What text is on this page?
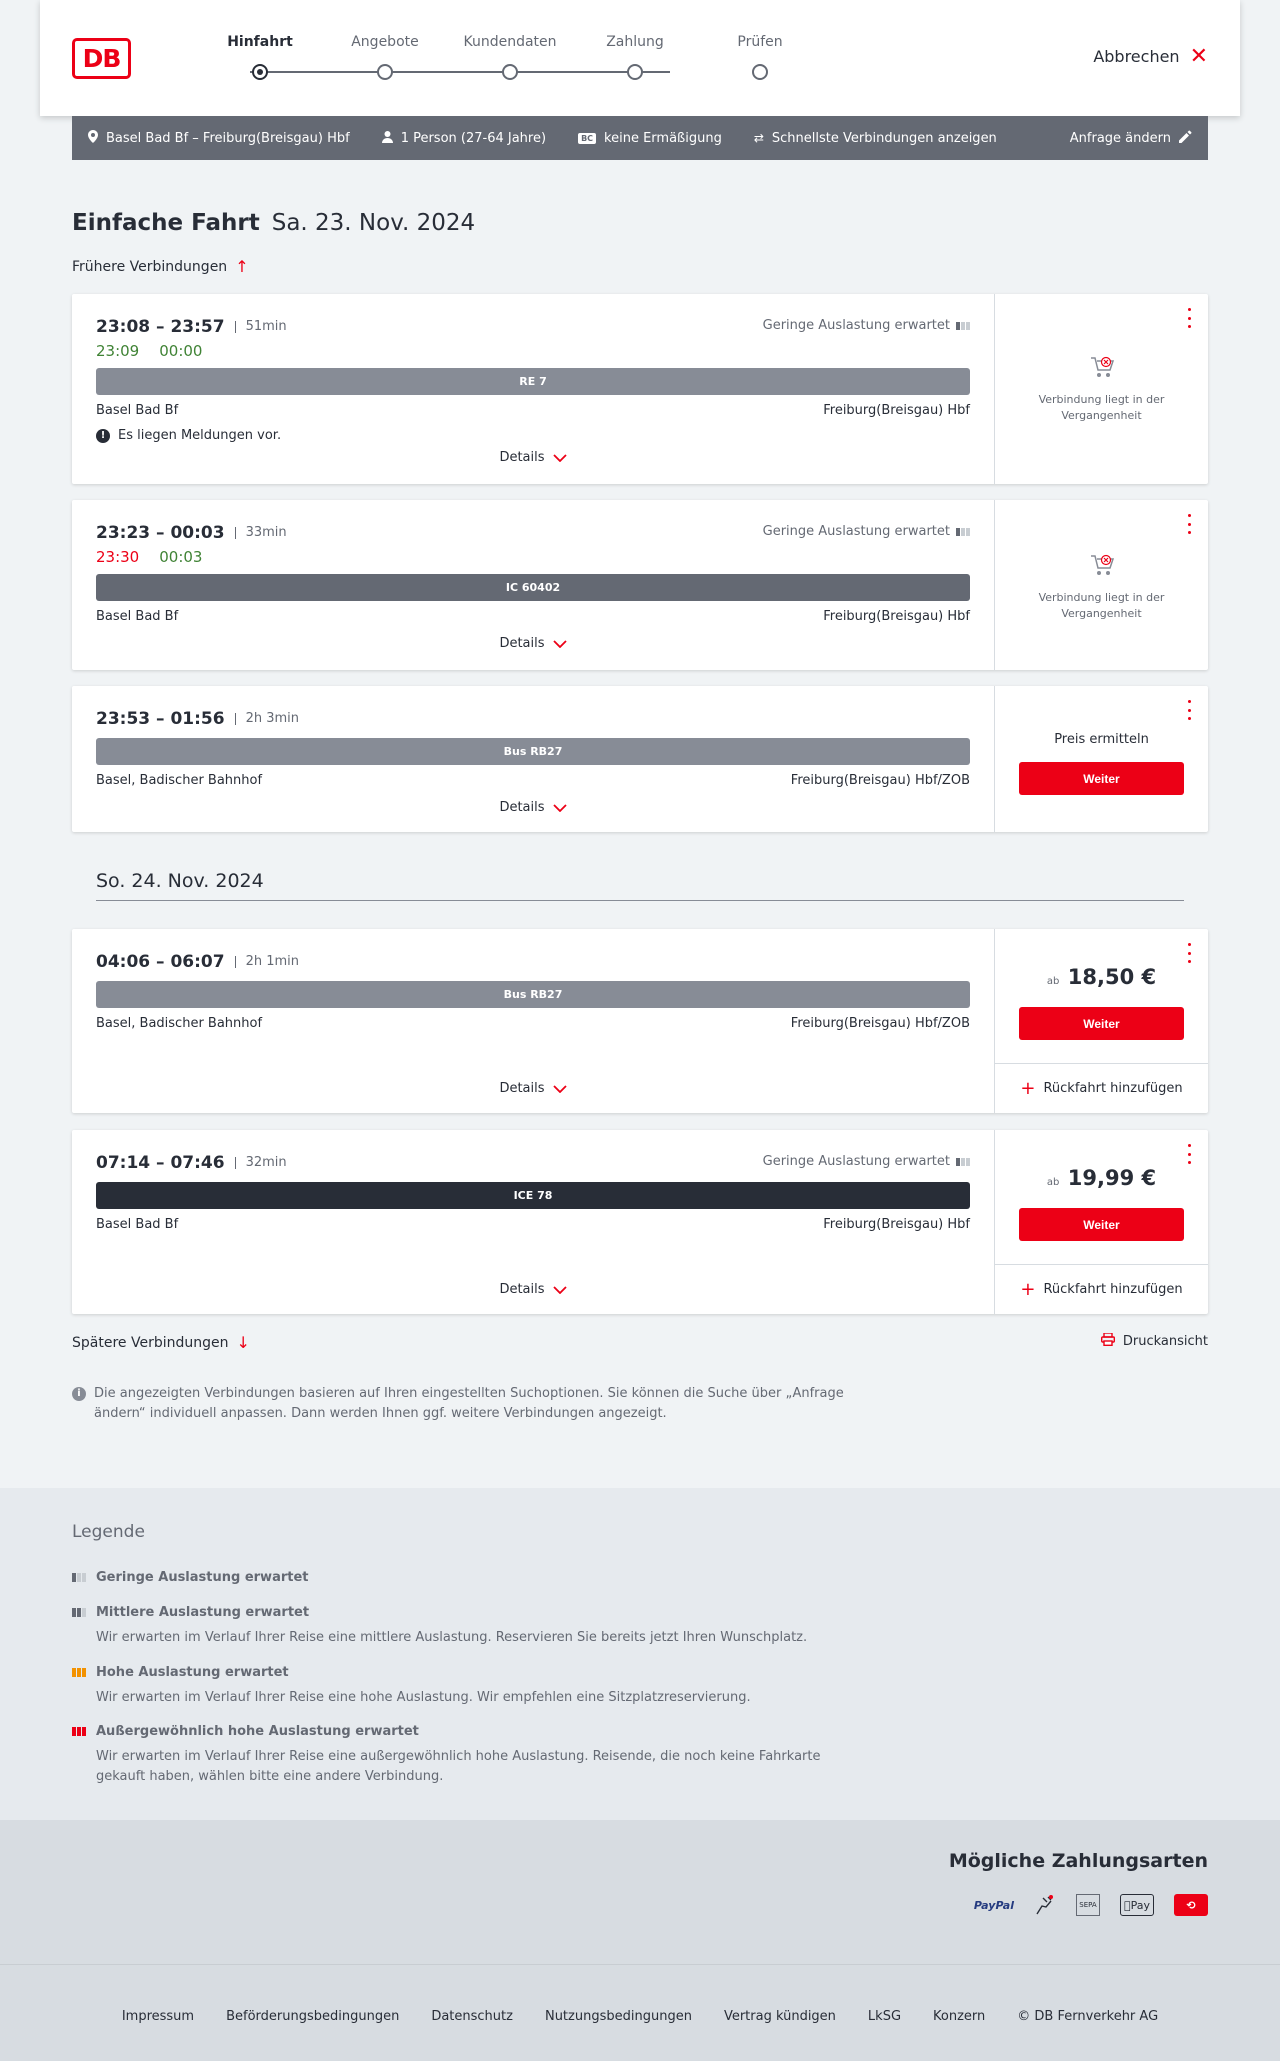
DB
Hinfahrt	Angebote	Kundendaten	Zahlung	Prüfen
Abbrechen ✕
Basel Bad Bf – Freiburg(Breisgau) Hbf	1 Person (27-64 Jahre)	BC keine Ermäßigung	⇄ Schnellste Verbindungen anzeigen	Anfrage ändern
Einfache Fahrt Sa. 23. Nov. 2024
Frühere Verbindungen ↑
23:08 – 23:57	51min	Geringe Auslastung erwartet
23:09 00:00
RE 7
Basel Bad Bf	Freiburg(Breisgau) Hbf
! Es liegen Meldungen vor.
Details
Verbindung liegt in der Vergangenheit
23:23 – 00:03	33min	Geringe Auslastung erwartet
23:30 00:03
IC 60402
Basel Bad Bf	Freiburg(Breisgau) Hbf
Details
Verbindung liegt in der Vergangenheit
23:53 – 01:56	2h 3min
Bus RB27
Basel, Badischer Bahnhof	Freiburg(Breisgau) Hbf/ZOB
Details
Preis ermitteln
Weiter
So. 24. Nov. 2024
04:06 – 06:07	2h 1min
Bus RB27
Basel, Badischer Bahnhof	Freiburg(Breisgau) Hbf/ZOB
Details
ab 18,50 €
Weiter
+ Rückfahrt hinzufügen
07:14 – 07:46	32min	Geringe Auslastung erwartet
ICE 78
Basel Bad Bf	Freiburg(Breisgau) Hbf
Details
ab 19,99 €
Weiter
+ Rückfahrt hinzufügen
Spätere Verbindungen ↓	Druckansicht
i	Die angezeigten Verbindungen basieren auf Ihren eingestellten Suchoptionen. Sie können die Suche über „Anfrage ändern“ individuell anpassen. Dann werden Ihnen ggf. weitere Verbindungen angezeigt.
Legende
Geringe Auslastung erwartet
Mittlere Auslastung erwartet
Wir erwarten im Verlauf Ihrer Reise eine mittlere Auslastung. Reservieren Sie bereits jetzt Ihren Wunschplatz.
Hohe Auslastung erwartet
Wir erwarten im Verlauf Ihrer Reise eine hohe Auslastung. Wir empfehlen eine Sitzplatzreservierung.
Außergewöhnlich hohe Auslastung erwartet
Wir erwarten im Verlauf Ihrer Reise eine außergewöhnlich hohe Auslastung. Reisende, die noch keine Fahrkarte gekauft haben, wählen bitte eine andere Verbindung.
Mögliche Zahlungsarten
PayPal	SEPA	Pay	⟲
Impressum Beförderungsbedingungen Datenschutz Nutzungsbedingungen Vertrag kündigen LkSG Konzern © DB Fernverkehr AG
